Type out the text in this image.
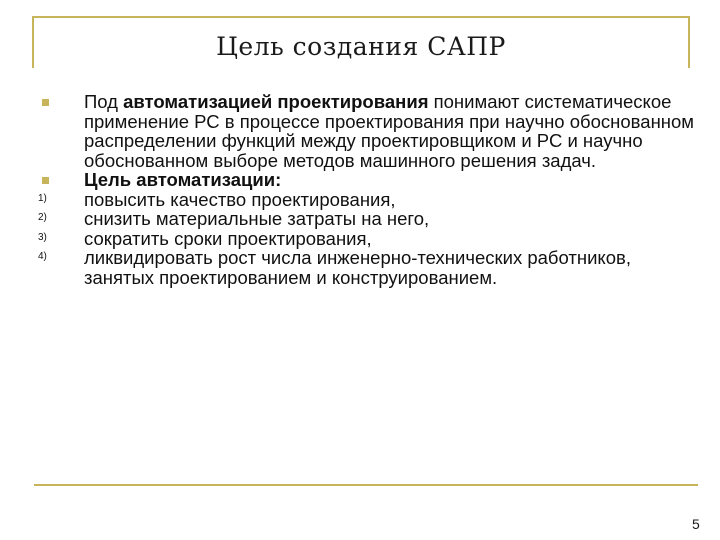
Цель создания САПР
Под автоматизацией проектирования понимают систематическое применение РС в процессе проектирования при научно обоснованном распределении функций между проектировщиком и РС и научно обоснованном выборе методов машинного решения задач.
Цель автоматизации:
1) повысить качество проектирования,
2) снизить материальные затраты на него,
3) сократить сроки проектирования,
4) ликвидировать рост числа инженерно-технических работников, занятых проектированием и конструированием.
5
